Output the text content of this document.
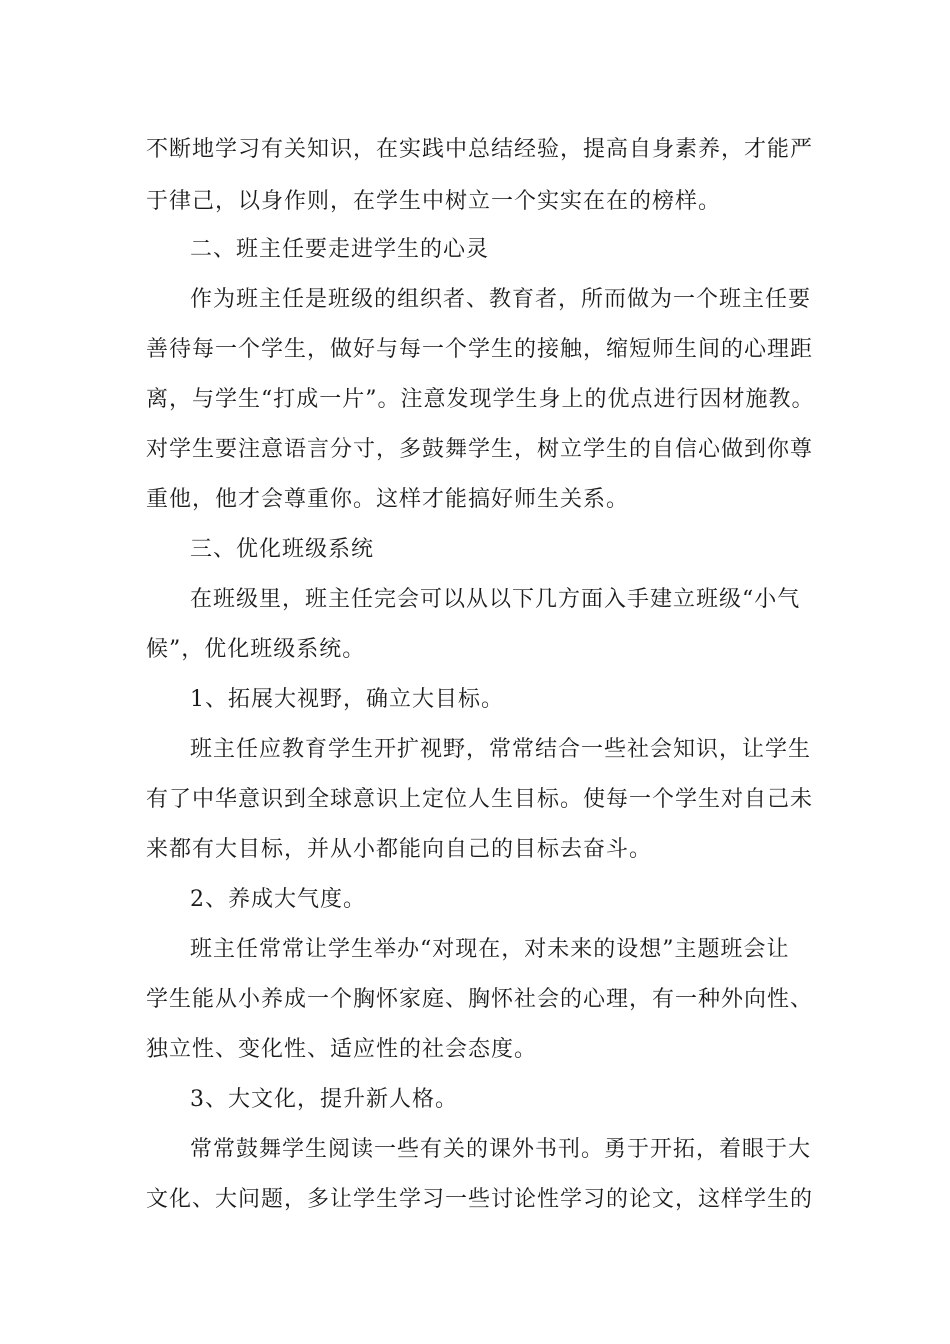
不断地学习有关知识，在实践中总结经验，提高自身素养，才能严
于律己，以身作则，在学生中树立一个实实在在的榜样。
二、班主任要走进学生的心灵
作为班主任是班级的组织者、教育者，所而做为一个班主任要
善待每一个学生，做好与每一个学生的接触，缩短师生间的心理距
离，与学生“打成一片”。注意发现学生身上的优点进行因材施教。
对学生要注意语言分寸，多鼓舞学生，树立学生的自信心做到你尊
重他，他才会尊重你。这样才能搞好师生关系。
三、优化班级系统
在班级里，班主任完会可以从以下几方面入手建立班级“小气
候”，优化班级系统。
1、拓展大视野，确立大目标。
班主任应教育学生开扩视野，常常结合一些社会知识，让学生
有了中华意识到全球意识上定位人生目标。使每一个学生对自己未
来都有大目标，并从小都能向自己的目标去奋斗。
2、养成大气度。
班主任常常让学生举办“对现在，对未来的设想”主题班会让
学生能从小养成一个胸怀家庭、胸怀社会的心理，有一种外向性、
独立性、变化性、适应性的社会态度。
3、大文化，提升新人格。
常常鼓舞学生阅读一些有关的课外书刊。勇于开拓，着眼于大
文化、大问题，多让学生学习一些讨论性学习的论文，这样学生的
